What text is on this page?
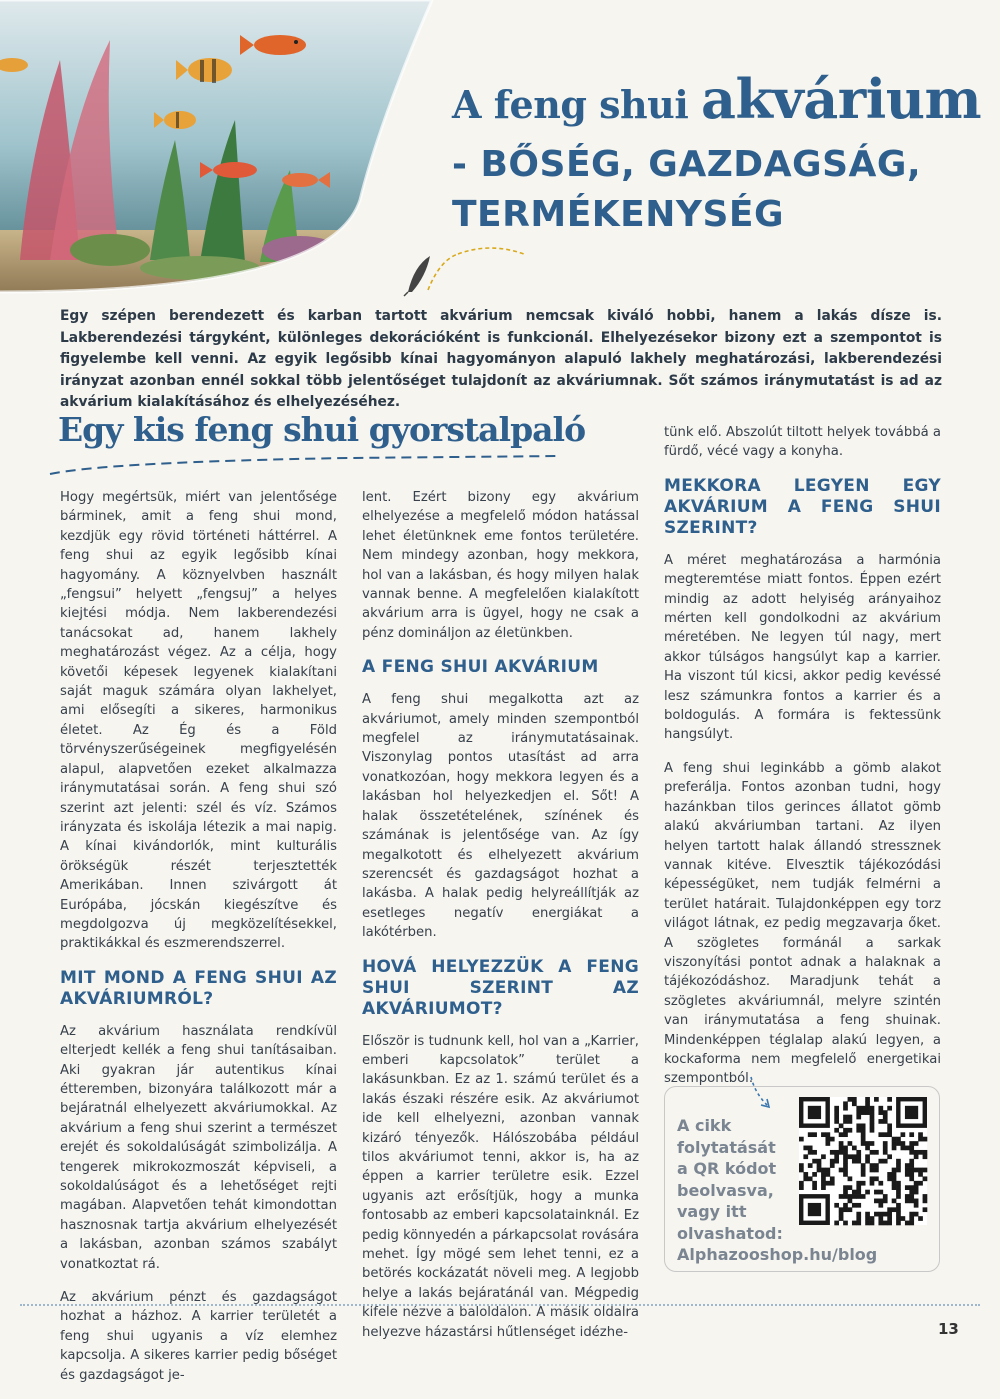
A feng shui akvárium
- BŐSÉG, GAZDAGSÁG,
TERMÉKENYSÉG
Egy szépen berendezett és karban tartott akvárium nemcsak kiváló hobbi, hanem a lakás dísze is. Lakberendezési tárgyként, különleges dekorációként is funkcionál. Elhelyezésekor bizony ezt a szempontot is figyelembe kell venni. Az egyik legősibb kínai hagyományon alapuló lakhely meghatározási, lakberendezési irányzat azonban ennél sokkal több jelentőséget tulajdonít az akváriumnak. Sőt számos iránymutatást is ad az akvárium kialakításához és elhelyezéséhez.
Egy kis feng shui gyorstalpaló

Hogy megértsük, miért van jelentősége bárminek, amit a feng shui mond, kezdjük egy rövid történeti háttérrel. A feng shui az egyik legősibb kínai hagyomány. A köznyelvben használt „fengsui” helyett „fengsuj” a helyes kiejtési módja. Nem lakberendezési tanácsokat ad, hanem lakhely meghatározást végez. Az a célja, hogy követői képesek legyenek kialakítani saját maguk számára olyan lakhelyet, ami elősegíti a sikeres, harmonikus életet. Az Ég és a Föld törvényszerűségeinek megfigyelésén alapul, alapvetően ezeket alkalmazza iránymutatásai során. A feng shui szó szerint azt jelenti: szél és víz. Számos irányzata és iskolája létezik a mai napig. A kínai kivándorlók, mint kulturális örökségük részét terjesztették Amerikában. Innen szivárgott át Európába, jócskán kiegészítve és megdolgozva új megközelítésekkel, praktikákkal és eszmerendszerrel.

MIT MOND A FENG SHUI AZ AKVÁRIUMRÓL?

Az akvárium használata rendkívül elterjedt kellék a feng shui tanításaiban. Aki gyakran jár autentikus kínai étteremben, bizonyára találkozott már a bejáratnál elhelyezett akváriumokkal. Az akvárium a feng shui szerint a természet erejét és sokoldalúságát szimbolizálja. A tengerek mikrokozmoszát képviseli, a sokoldalúságot és a lehetőséget rejti magában. Alapvetően tehát kimondottan hasznosnak tartja akvárium elhelyezését a lakásban, azonban számos szabályt vonatkoztat rá.

Az akvárium pénzt és gazdagságot hozhat a házhoz. A karrier területét a feng shui ugyanis a víz elemhez kapcsolja. A sikeres karrier pedig bőséget és gazdagságot je-

lent. Ezért bizony egy akvárium elhelyezése a megfelelő módon hatással lehet életünknek eme fontos területére. Nem mindegy azonban, hogy mekkora, hol van a lakásban, és hogy milyen halak vannak benne. A megfelelően kialakított akvárium arra is ügyel, hogy ne csak a pénz domináljon az életünkben.

A FENG SHUI AKVÁRIUM

A feng shui megalkotta azt az akváriumot, amely minden szempontból megfelel az iránymutatásainak. Viszonylag pontos utasítást ad arra vonatkozóan, hogy mekkora legyen és a lakásban hol helyezkedjen el. Sőt! A halak összetételének, színének és számának is jelentősége van. Az így megalkotott és elhelyezett akvárium szerencsét és gazdagságot hozhat a lakásba. A halak pedig helyreállítják az esetleges negatív energiákat a lakótérben.

HOVÁ HELYEZZÜK A FENG SHUI SZERINT AZ AKVÁRIUMOT?

Először is tudnunk kell, hol van a „Karrier, emberi kapcsolatok” terület a lakásunkban. Ez az 1. számú terület és a lakás északi részére esik. Az akváriumot ide kell elhelyezni, azonban vannak kizáró tényezők. Hálószobába például tilos akváriumot tenni, akkor is, ha az éppen a karrier területre esik. Ezzel ugyanis azt erősítjük, hogy a munka fontosabb az emberi kapcsolatainknál. Ez pedig könnyedén a párkapcsolat rovására mehet. Így mögé sem lehet tenni, ez a betörés kockázatát növeli meg. A legjobb helye a lakás bejáratánál van. Mégpedig kifele nézve a baloldalon. A másik oldalra helyezve házastársi hűtlenséget idézhe-

tünk elő. Abszolút tiltott helyek továbbá a fürdő, vécé vagy a konyha.

MEKKORA LEGYEN EGY AKVÁRIUM A FENG SHUI SZERINT?

A méret meghatározása a harmónia megteremtése miatt fontos. Éppen ezért mindig az adott helyiség arányaihoz mérten kell gondolkodni az akvárium méretében. Ne legyen túl nagy, mert akkor túlságos hangsúlyt kap a karrier. Ha viszont túl kicsi, akkor pedig kevéssé lesz számunkra fontos a karrier és a boldogulás. A formára is fektessünk hangsúlyt.

A feng shui leginkább a gömb alakot preferálja. Fontos azonban tudni, hogy hazánkban tilos gerinces állatot gömb alakú akváriumban tartani. Az ilyen helyen tartott halak állandó stressznek vannak kitéve. Elvesztik tájékozódási képességüket, nem tudják felmérni a terület határait. Tulajdonképpen egy torz világot látnak, ez pedig megzavarja őket. A szögletes formánál a sarkak viszonyítási pontot adnak a halaknak a tájékozódáshoz. Maradjunk tehát a szögletes akváriumnál, melyre szintén van iránymutatása a feng shuinak. Mindenképpen téglalap alakú legyen, a kockaforma nem megfelelő energetikai szempontból.

A cikk
folytatását
a QR kódot
beolvasva,
vagy itt
olvashatod:
Alphazooshop.hu/blog
13
